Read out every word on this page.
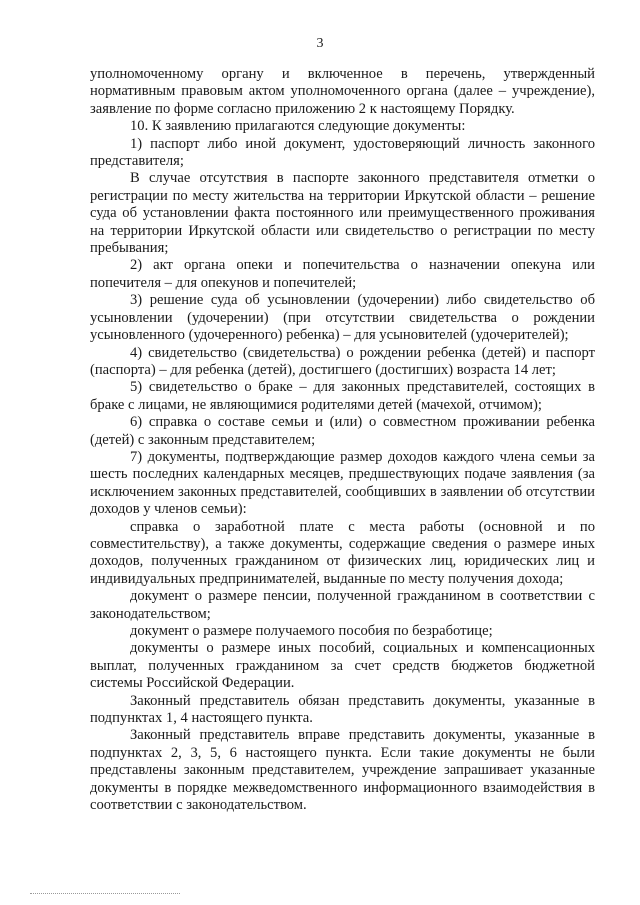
3

уполномоченному органу и включенное в перечень, утвержденный нормативным правовым актом уполномоченного органа (далее – учреждение), заявление по форме согласно приложению 2 к настоящему Порядку.

10. К заявлению прилагаются следующие документы:

1) паспорт либо иной документ, удостоверяющий личность законного представителя;

В случае отсутствия в паспорте законного представителя отметки о регистрации по месту жительства на территории Иркутской области – решение суда об установлении факта постоянного или преимущественного проживания на территории Иркутской области или свидетельство о регистрации по месту пребывания;

2) акт органа опеки и попечительства о назначении опекуна или попечителя – для опекунов и попечителей;

3) решение суда об усыновлении (удочерении) либо свидетельство об усыновлении (удочерении) (при отсутствии свидетельства о рождении усыновленного (удочеренного) ребенка) – для усыновителей (удочерителей);

4) свидетельство (свидетельства) о рождении ребенка (детей) и паспорт (паспорта) – для ребенка (детей), достигшего (достигших) возраста 14 лет;

5) свидетельство о браке – для законных представителей, состоящих в браке с лицами, не являющимися родителями детей (мачехой, отчимом);

6) справка о составе семьи и (или) о совместном проживании ребенка (детей) с законным представителем;

7) документы, подтверждающие размер доходов каждого члена семьи за шесть последних календарных месяцев, предшествующих подаче заявления (за исключением законных представителей, сообщивших в заявлении об отсутствии доходов у членов семьи):

справка о заработной плате с места работы (основной и по совместительству), а также документы, содержащие сведения о размере иных доходов, полученных гражданином от физических лиц, юридических лиц и индивидуальных предпринимателей, выданные по месту получения дохода;

документ о размере пенсии, полученной гражданином в соответствии с законодательством;

документ о размере получаемого пособия по безработице;

документы о размере иных пособий, социальных и компенсационных выплат, полученных гражданином за счет средств бюджетов бюджетной системы Российской Федерации.

Законный представитель обязан представить документы, указанные в подпунктах 1, 4 настоящего пункта.

Законный представитель вправе представить документы, указанные в подпунктах 2, 3, 5, 6 настоящего пункта. Если такие документы не были представлены законным представителем, учреждение запрашивает указанные документы в порядке межведомственного информационного взаимодействия в соответствии с законодательством.
